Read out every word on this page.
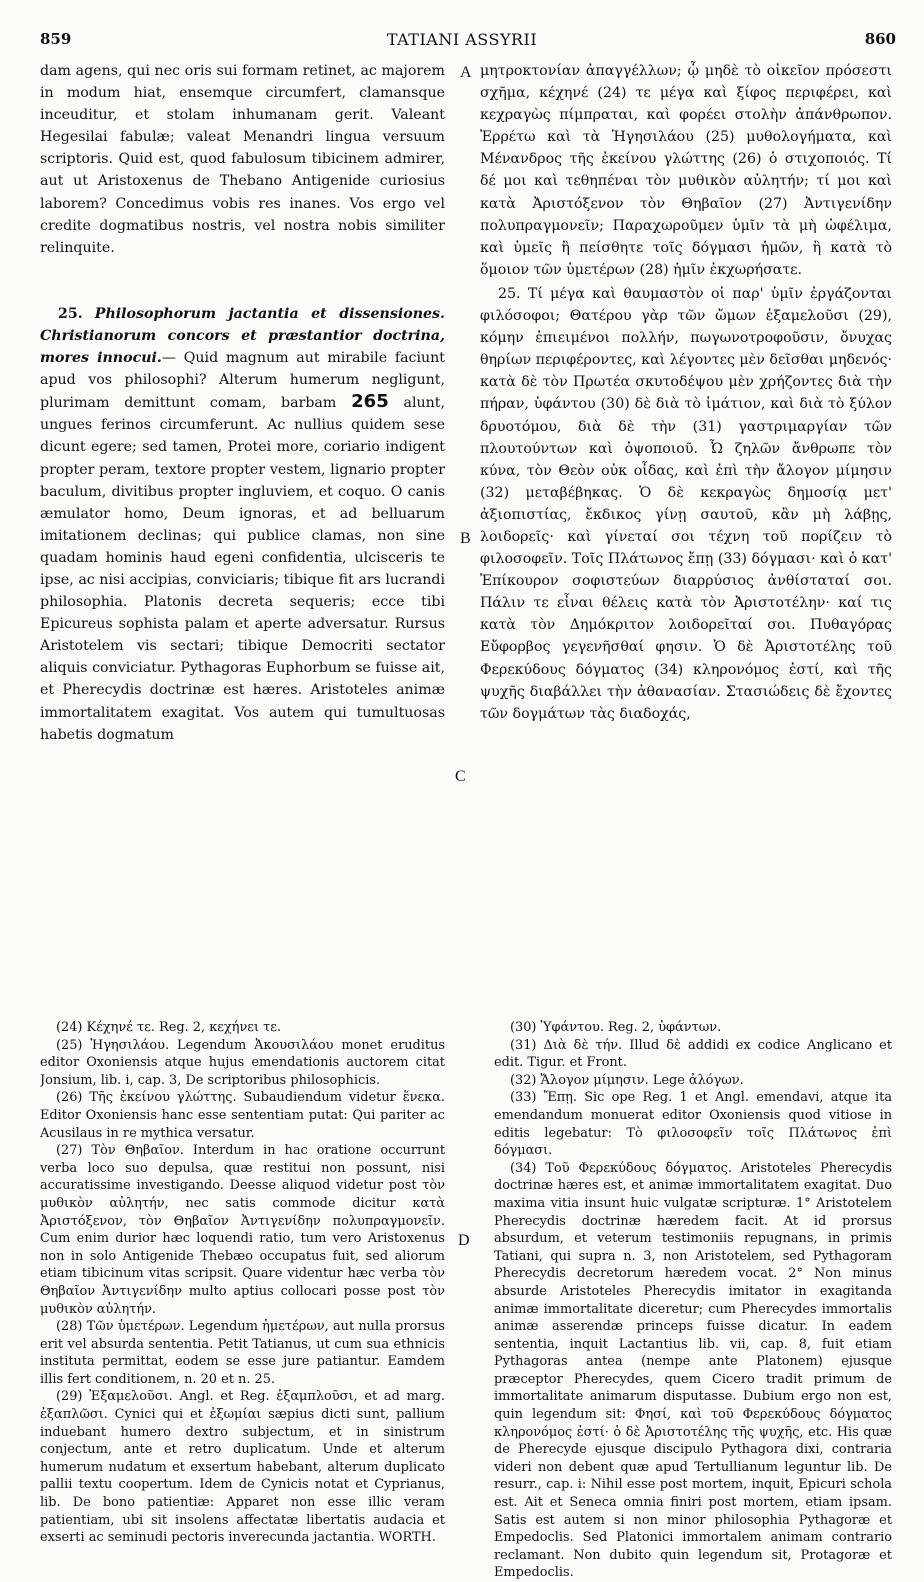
859	TATIANI ASSYRII	860

dam agens, qui nec oris sui formam retinet, ac majorem in modum hiat, ensemque circumfert, clamansque inceuditur, et stolam inhumanam gerit. Valeant Hegesilai fabulæ; valeat Menandri lingua versuum scriptoris. Quid est, quod fabulosum tibicinem admirer, aut ut Aristoxenus de Thebano Antigenide curiosius laborem? Concedimus vobis res inanes. Vos ergo vel credite dogmatibus nostris, vel nostra nobis similiter relinquite.

25. Philosophorum jactantia et dissensiones. Christianorum concors et præstantior doctrina, mores innocui.— Quid magnum aut mirabile faciunt apud vos philosophi? Alterum humerum negligunt, plurimam demittunt comam, barbam 265 alunt, ungues ferinos circumferunt. Ac nullius quidem sese dicunt egere; sed tamen, Protei more, coriario indigent propter peram, textore propter vestem, lignario propter baculum, divitibus propter ingluviem, et coquo. O canis æmulator homo, Deum ignoras, et ad belluarum imitationem declinas; qui publice clamas, non sine quadam hominis haud egeni confidentia, ulcisceris te ipse, ac nisi accipias, conviciaris; tibique fit ars lucrandi philosophia. Platonis decreta sequeris; ecce tibi Epicureus sophista palam et aperte adversatur. Rursus Aristotelem vis sectari; tibique Democriti sectator aliquis conviciatur. Pythagoras Euphorbum se fuisse ait, et Pherecydis doctrinæ est hæres. Aristoteles animæ immortalitatem exagitat. Vos autem qui tumultuosas habetis dogmatum

μητροκτονίαν ἀπαγγέλλων; ᾧ μηδὲ τὸ οἰκεῖον πρόσεστι σχῆμα, κέχηνέ (24) τε μέγα καὶ ξίφος περιφέρει, καὶ κεχραγὼς πίμπραται, καὶ φορέει στολὴν ἀπάνθρωπον. Ἐρρέτω καὶ τὰ Ἡγησιλάου (25) μυθολογήματα, καὶ Μένανδρος τῆς ἐκείνου γλώττης (26) ὁ στιχοποιός. Τί δέ μοι καὶ τεθηπέναι τὸν μυθικὸν αὐλητήν; τί μοι καὶ κατὰ Ἀριστόξενον τὸν Θηβαῖον (27) Ἀντιγενίδην πολυπραγμονεῖν; Παραχωροῦμεν ὑμῖν τὰ μὴ ὠφέλιμα, καὶ ὑμεῖς ἢ πείσθητε τοῖς δόγμασι ἡμῶν, ἢ κατὰ τὸ ὅμοιον τῶν ὑμετέρων (28) ἡμῖν ἐκχωρήσατε.

25. Τί μέγα καὶ θαυμαστὸν οἱ παρ' ὑμῖν ἐργάζονται φιλόσοφοι; Θατέρου γὰρ τῶν ὤμων ἐξαμελοῦσι (29), κόμην ἐπιειμένοι πολλήν, πωγωνοτροφοῦσιν, ὄνυχας θηρίων περιφέροντες, καὶ λέγοντες μὲν δεῖσθαι μηδενός· κατὰ δὲ τὸν Πρωτέα σκυτοδέψου μὲν χρήζοντες διὰ τὴν πήραν, ὑφάντου (30) δὲ διὰ τὸ ἱμάτιον, καὶ διὰ τὸ ξύλον δρυοτόμου, διὰ δὲ τὴν (31) γαστριμαργίαν τῶν πλουτούντων καὶ ὀψοποιοῦ. Ὦ ζηλῶν ἄνθρωπε τὸν κύνα, τὸν Θεὸν οὐκ οἶδας, καὶ ἐπὶ τὴν ἄλογον μίμησιν (32) μεταβέβηκας. Ὁ δὲ κεκραγὼς δημοσίᾳ μετ' ἀξιοπιστίας, ἔκδικος γίνῃ σαυτοῦ, κἂν μὴ λάβῃς, λοιδορεῖς· καὶ γίνεταί σοι τέχνη τοῦ πορίζειν τὸ φιλοσοφεῖν. Τοῖς Πλάτωνος ἔπῃ (33) δόγμασι· καὶ ὁ κατ' Ἐπίκουρον σοφιστεύων διαρρύσιος ἀνθίσταταί σοι. Πάλιν τε εἶναι θέλεις κατὰ τὸν Ἀριστοτέλην· καί τις κατὰ τὸν Δημόκριτον λοιδορεῖταί σοι. Πυθαγόρας Εὔφορβος γεγενῆσθαί φησιν. Ὁ δὲ Ἀριστοτέλης τοῦ Φερεκύδους δόγματος (34) κληρονόμος ἐστί, καὶ τῆς ψυχῆς διαβάλλει τὴν ἀθανασίαν. Στασιώδεις δὲ ἔχοντες τῶν δογμάτων τὰς διαδοχάς,

A
B
C
D

(24) Κέχηνέ τε. Reg. 2, κεχήνει τε.

(25) Ἡγησιλάου. Legendum Ἀκουσιλάου monet eruditus editor Oxoniensis atque hujus emendationis auctorem citat Jonsium, lib. i, cap. 3, De scriptoribus philosophicis.

(26) Τῆς ἐκείνου γλώττης. Subaudiendum videtur ἕνεκα. Editor Oxoniensis hanc esse sententiam putat: Qui pariter ac Acusilaus in re mythica versatur.

(27) Τὸν Θηβαῖον. Interdum in hac oratione occurrunt verba loco suo depulsa, quæ restitui non possunt, nisi accuratissime investigando. Deesse aliquod videtur post τὸν μυθικὸν αὐλητήν, nec satis commode dicitur κατὰ Ἀριστόξενον, τὸν Θηβαῖον Ἀντιγενίδην πολυπραγμονεῖν. Cum enim durior hæc loquendi ratio, tum vero Aristoxenus non in solo Antigenide Thebæo occupatus fuit, sed aliorum etiam tibicinum vitas scripsit. Quare videntur hæc verba τὸν Θηβαῖον Ἀντιγενίδην multo aptius collocari posse post τὸν μυθικὸν αὐλητήν.

(28) Τῶν ὑμετέρων. Legendum ἡμετέρων, aut nulla prorsus erit vel absurda sententia. Petit Tatianus, ut cum sua ethnicis instituta permittat, eodem se esse jure patiantur. Eamdem illis fert conditionem, n. 20 et n. 25.

(29) Ἐξαμελοῦσι. Angl. et Reg. ἐξαμπλοῦσι, et ad marg. ἐξαπλῶσι. Cynici qui et ἐξωμίαι sæpius dicti sunt, pallium induebant humero dextro subjectum, et in sinistrum conjectum, ante et retro duplicatum. Unde et alterum humerum nudatum et exsertum habebant, alterum duplicato pallii textu coopertum. Idem de Cynicis notat et Cyprianus, lib. De bono patientiæ: Apparet non esse illic veram patientiam, ubi sit insolens affectatæ libertatis audacia et exserti ac seminudi pectoris inverecunda jactantia. WORTH.

(30) Ὑφάντου. Reg. 2, ὑφάντων.

(31) Διὰ δὲ τήν. Illud δὲ addidi ex codice Anglicano et edit. Tigur. et Front.

(32) Ἄλογον μίμησιν. Lege ἀλόγων.

(33) Ἔπῃ. Sic ope Reg. 1 et Angl. emendavi, atque ita emendandum monuerat editor Oxoniensis quod vitiose in editis legebatur: Τὸ φιλοσοφεῖν τοῖς Πλάτωνος ἐπὶ δόγμασι.

(34) Τοῦ Φερεκύδους δόγματος. Aristoteles Pherecydis doctrinæ hæres est, et animæ immortalitatem exagitat. Duo maxima vitia insunt huic vulgatæ scripturæ. 1° Aristotelem Pherecydis doctrinæ hæredem facit. At id prorsus absurdum, et veterum testimoniis repugnans, in primis Tatiani, qui supra n. 3, non Aristotelem, sed Pythagoram Pherecydis decretorum hæredem vocat. 2° Non minus absurde Aristoteles Pherecydis imitator in exagitanda animæ immortalitate diceretur; cum Pherecydes immortalis animæ asserendæ princeps fuisse dicatur. In eadem sententia, inquit Lactantius lib. vii, cap. 8, fuit etiam Pythagoras antea (nempe ante Platonem) ejusque præceptor Pherecydes, quem Cicero tradit primum de immortalitate animarum disputasse. Dubium ergo non est, quin legendum sit: Φησί, καὶ τοῦ Φερεκύδους δόγματος κληρονόμος ἐστί· ὁ δὲ Ἀριστοτέλης τῆς ψυχῆς, etc. His quæ de Pherecyde ejusque discipulo Pythagora dixi, contraria videri non debent quæ apud Tertullianum leguntur lib. De resurr., cap. i: Nihil esse post mortem, inquit, Epicuri schola est. Ait et Seneca omnia finiri post mortem, etiam ipsam. Satis est autem si non minor philosophia Pythagoræ et Empedoclis. Sed Platonici immortalem animam contrario reclamant. Non dubito quin legendum sit, Protagoræ et Empedoclis.
